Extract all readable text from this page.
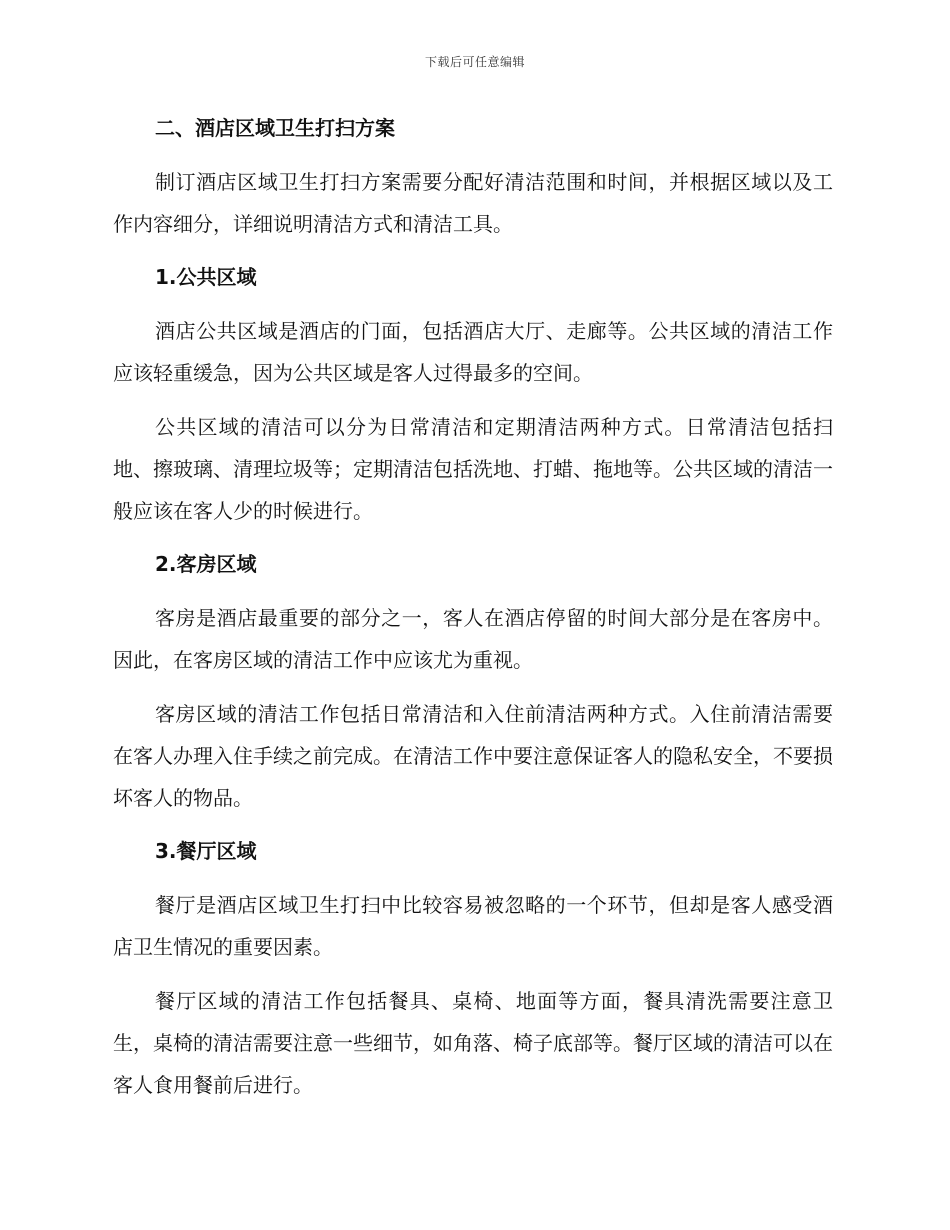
下载后可任意编辑
二、酒店区域卫生打扫方案

制订酒店区域卫生打扫方案需要分配好清洁范围和时间，并根据区域以及工作内容细分，详细说明清洁方式和清洁工具。

1.公共区域

酒店公共区域是酒店的门面，包括酒店大厅、走廊等。公共区域的清洁工作应该轻重缓急，因为公共区域是客人过得最多的空间。

公共区域的清洁可以分为日常清洁和定期清洁两种方式。日常清洁包括扫地、擦玻璃、清理垃圾等；定期清洁包括洗地、打蜡、拖地等。公共区域的清洁一般应该在客人少的时候进行。

2.客房区域

客房是酒店最重要的部分之一，客人在酒店停留的时间大部分是在客房中。因此，在客房区域的清洁工作中应该尤为重视。

客房区域的清洁工作包括日常清洁和入住前清洁两种方式。入住前清洁需要在客人办理入住手续之前完成。在清洁工作中要注意保证客人的隐私安全，不要损坏客人的物品。

3.餐厅区域

餐厅是酒店区域卫生打扫中比较容易被忽略的一个环节，但却是客人感受酒店卫生情况的重要因素。

餐厅区域的清洁工作包括餐具、桌椅、地面等方面，餐具清洗需要注意卫生，桌椅的清洁需要注意一些细节，如角落、椅子底部等。餐厅区域的清洁可以在客人食用餐前后进行。
